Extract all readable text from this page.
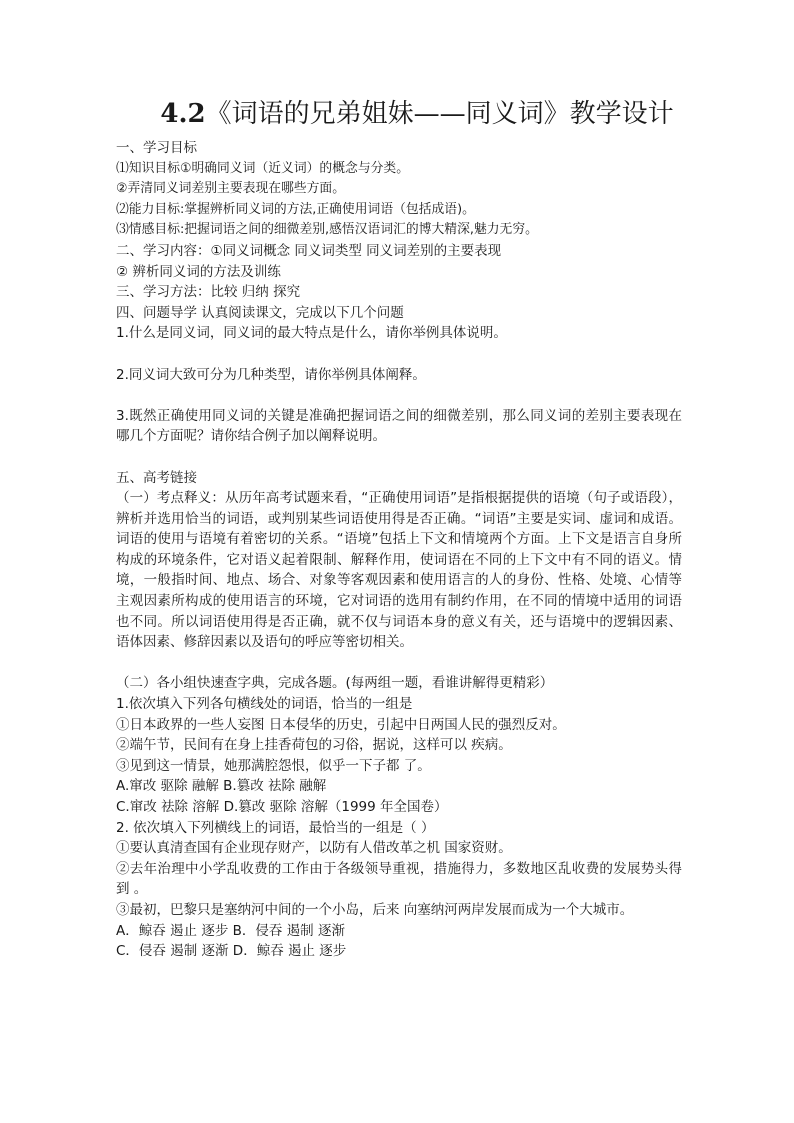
4.2《词语的兄弟姐妹——同义词》教学设计
一、学习目标
⑴知识目标①明确同义词（近义词）的概念与分类。
②弄清同义词差别主要表现在哪些方面。
⑵能力目标:掌握辨析同义词的方法,正确使用词语（包括成语)。
⑶情感目标:把握词语之间的细微差别,感悟汉语词汇的博大精深,魅力无穷。
二、学习内容：①同义词概念 同义词类型 同义词差别的主要表现
② 辨析同义词的方法及训练
三、学习方法：比较 归纳 探究
四、问题导学 认真阅读课文，完成以下几个问题
1.什么是同义词，同义词的最大特点是什么，请你举例具体说明。
2.同义词大致可分为几种类型，请你举例具体阐释。
3.既然正确使用同义词的关键是准确把握词语之间的细微差别，那么同义词的差别主要表现在哪几个方面呢？请你结合例子加以阐释说明。
五、高考链接
（一）考点释义：从历年高考试题来看，“正确使用词语”是指根据提供的语境（句子或语段），辨析并选用恰当的词语，或判别某些词语使用得是否正确。“词语”主要是实词、虚词和成语。词语的使用与语境有着密切的关系。“语境”包括上下文和情境两个方面。上下文是语言自身所构成的环境条件，它对语义起着限制、解释作用，使词语在不同的上下文中有不同的语义。情境，一般指时间、地点、场合、对象等客观因素和使用语言的人的身份、性格、处境、心情等主观因素所构成的使用语言的环境，它对词语的选用有制约作用，在不同的情境中适用的词语也不同。所以词语使用得是否正确，就不仅与词语本身的意义有关，还与语境中的逻辑因素、语体因素、修辞因素以及语句的呼应等密切相关。
（二）各小组快速查字典，完成各题。(每两组一题，看谁讲解得更精彩）
1.依次填入下列各句横线处的词语，恰当的一组是
①日本政界的一些人妄图 日本侵华的历史，引起中日两国人民的强烈反对。
②端午节，民间有在身上挂香荷包的习俗，据说，这样可以 疾病。
③见到这一情景，她那满腔怨恨，似乎一下子都 了。
A.窜改 驱除 融解 B.篡改 祛除 融解
C.窜改 祛除 溶解 D.篡改 驱除 溶解（1999 年全国卷）
2. 依次填入下列横线上的词语，最恰当的一组是（ ）
①要认真清查国有企业现存财产，以防有人借改革之机 国家资财。
②去年治理中小学乱收费的工作由于各级领导重视，措施得力，多数地区乱收费的发展势头得到 。
③最初，巴黎只是塞纳河中间的一个小岛，后来 向塞纳河两岸发展而成为一个大城市。
A．鲸吞 遏止 逐步 B．侵吞 遏制 逐渐
C．侵吞 遏制 逐渐 D．鲸吞 遏止 逐步
